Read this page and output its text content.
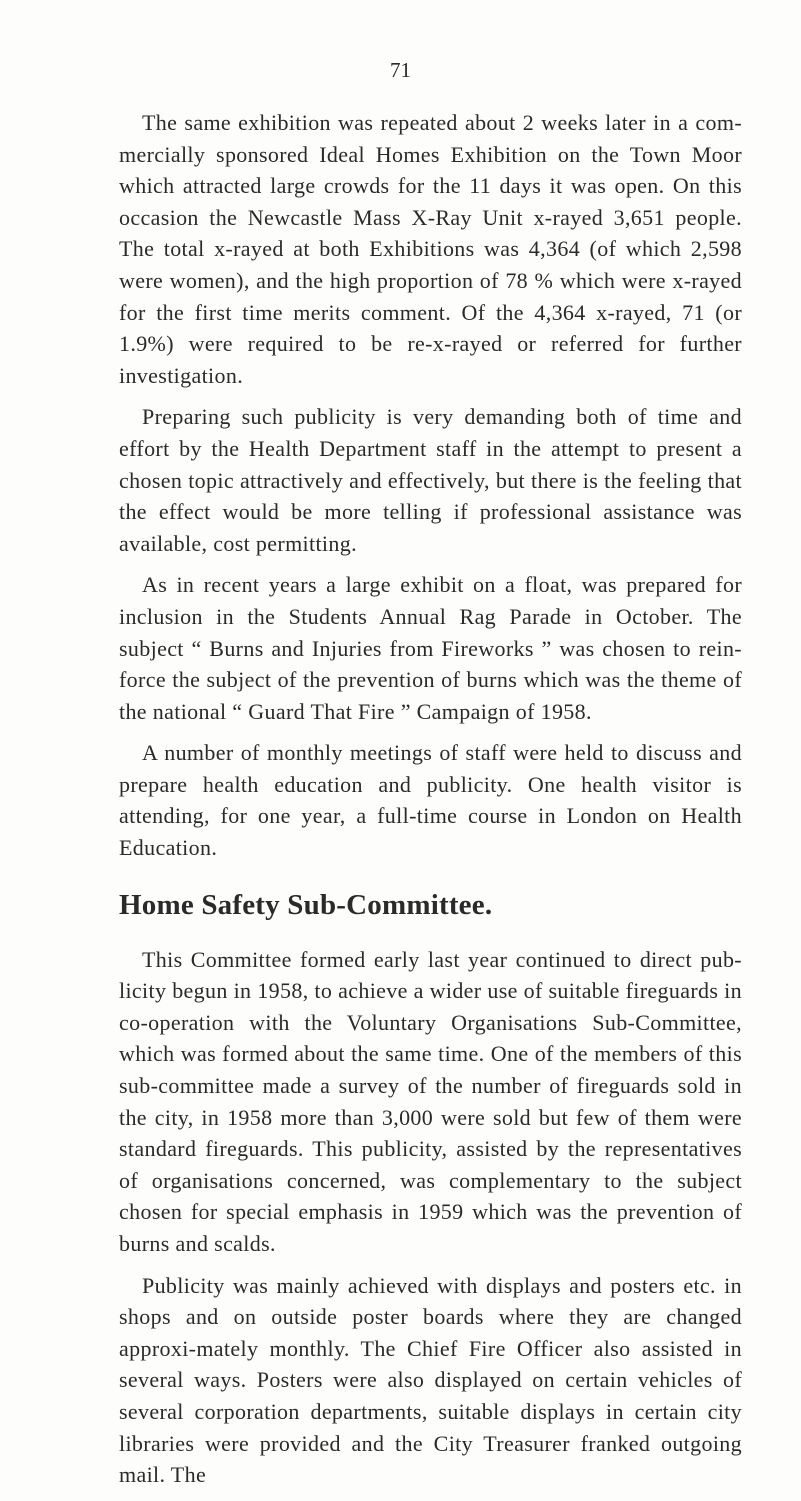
71

The same exhibition was repeated about 2 weeks later in a com-mercially sponsored Ideal Homes Exhibition on the Town Moor which attracted large crowds for the 11 days it was open. On this occasion the Newcastle Mass X-Ray Unit x-rayed 3,651 people. The total x-rayed at both Exhibitions was 4,364 (of which 2,598 were women), and the high proportion of 78 % which were x-rayed for the first time merits comment. Of the 4,364 x-rayed, 71 (or 1.9%) were required to be re-x-rayed or referred for further investigation.

Preparing such publicity is very demanding both of time and effort by the Health Department staff in the attempt to present a chosen topic attractively and effectively, but there is the feeling that the effect would be more telling if professional assistance was available, cost permitting.

As in recent years a large exhibit on a float, was prepared for inclusion in the Students Annual Rag Parade in October. The subject “ Burns and Injuries from Fireworks ” was chosen to rein-force the subject of the prevention of burns which was the theme of the national “ Guard That Fire ” Campaign of 1958.

A number of monthly meetings of staff were held to discuss and prepare health education and publicity. One health visitor is attending, for one year, a full-time course in London on Health Education.

Home Safety Sub-Committee.

This Committee formed early last year continued to direct pub-licity begun in 1958, to achieve a wider use of suitable fireguards in co-operation with the Voluntary Organisations Sub-Committee, which was formed about the same time. One of the members of this sub-committee made a survey of the number of fireguards sold in the city, in 1958 more than 3,000 were sold but few of them were standard fireguards. This publicity, assisted by the representatives of organisations concerned, was complementary to the subject chosen for special emphasis in 1959 which was the prevention of burns and scalds.

Publicity was mainly achieved with displays and posters etc. in shops and on outside poster boards where they are changed approxi-mately monthly. The Chief Fire Officer also assisted in several ways. Posters were also displayed on certain vehicles of several corporation departments, suitable displays in certain city libraries were provided and the City Treasurer franked outgoing mail. The
